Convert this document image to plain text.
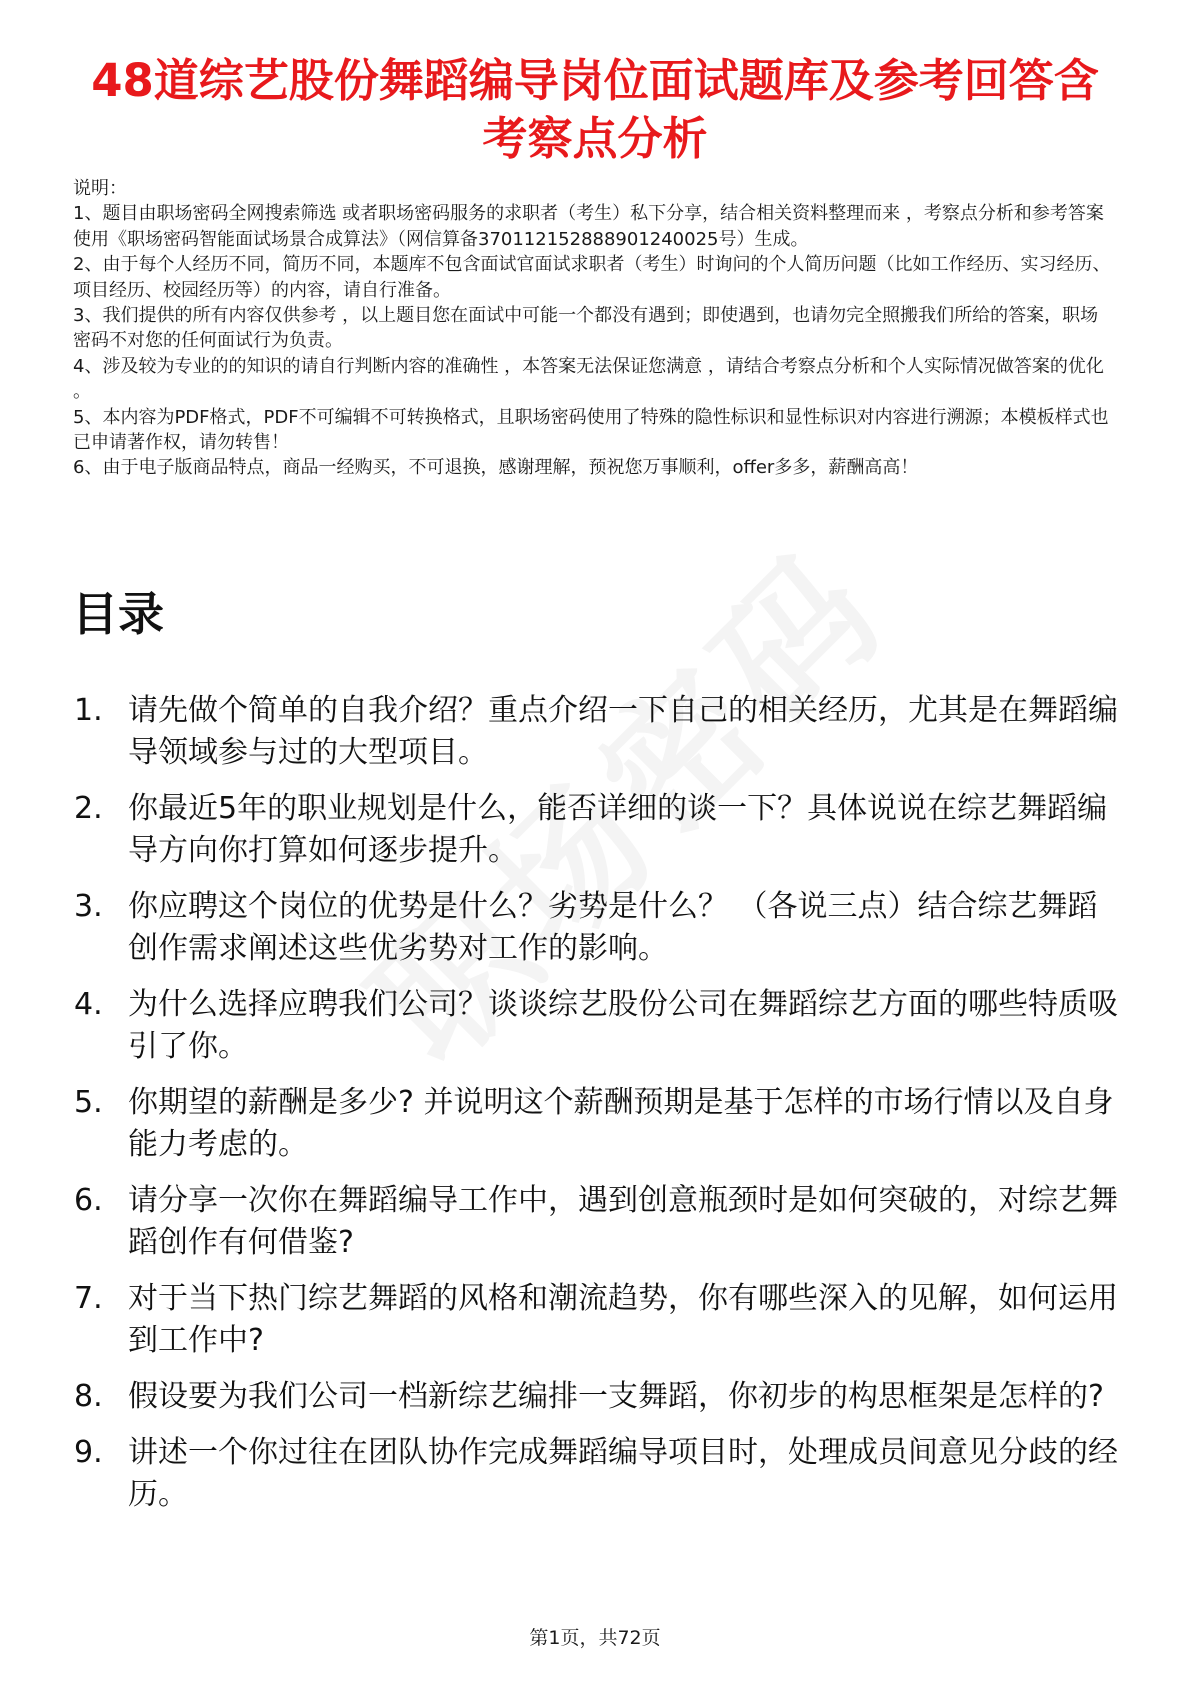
48道综艺股份舞蹈编导岗位面试题库及参考回答含考察点分析

说明：

1、题目由职场密码全网搜索筛选 或者职场密码服务的求职者（考生）私下分享，结合相关资料整理而来 ，考察点分析和参考答案使用《职场密码智能面试场景合成算法》（网信算备370112152888901240025号）生成。

2、由于每个人经历不同，简历不同，本题库不包含面试官面试求职者（考生）时询问的个人简历问题（比如工作经历、实习经历、项目经历、校园经历等）的内容，请自行准备。

3、我们提供的所有内容仅供参考 ，以上题目您在面试中可能一个都没有遇到；即使遇到，也请勿完全照搬我们所给的答案，职场密码不对您的任何面试行为负责。

4、涉及较为专业的的知识的请自行判断内容的准确性 ，本答案无法保证您满意 ，请结合考察点分析和个人实际情况做答案的优化 。

5、本内容为PDF格式，PDF不可编辑不可转换格式，且职场密码使用了特殊的隐性标识和显性标识对内容进行溯源；本模板样式也已申请著作权，请勿转售！

6、由于电子版商品特点，商品一经购买，不可退换，感谢理解，预祝您万事顺利，offer多多，薪酬高高！

目录
1. 请先做个简单的自我介绍？重点介绍一下自己的相关经历，尤其是在舞蹈编导领域参与过的大型项目。
2. 你最近5年的职业规划是什么，能否详细的谈一下？具体说说在综艺舞蹈编导方向你打算如何逐步提升。
3. 你应聘这个岗位的优势是什么？劣势是什么？ （各说三点）结合综艺舞蹈创作需求阐述这些优劣势对工作的影响。
4. 为什么选择应聘我们公司？谈谈综艺股份公司在舞蹈综艺方面的哪些特质吸引了你。
5. 你期望的薪酬是多少? 并说明这个薪酬预期是基于怎样的市场行情以及自身能力考虑的。
6. 请分享一次你在舞蹈编导工作中，遇到创意瓶颈时是如何突破的，对综艺舞蹈创作有何借鉴?
7. 对于当下热门综艺舞蹈的风格和潮流趋势，你有哪些深入的见解，如何运用到工作中?
8. 假设要为我们公司一档新综艺编排一支舞蹈，你初步的构思框架是怎样的?
9. 讲述一个你过往在团队协作完成舞蹈编导项目时，处理成员间意见分歧的经历。
第1页，共72页
